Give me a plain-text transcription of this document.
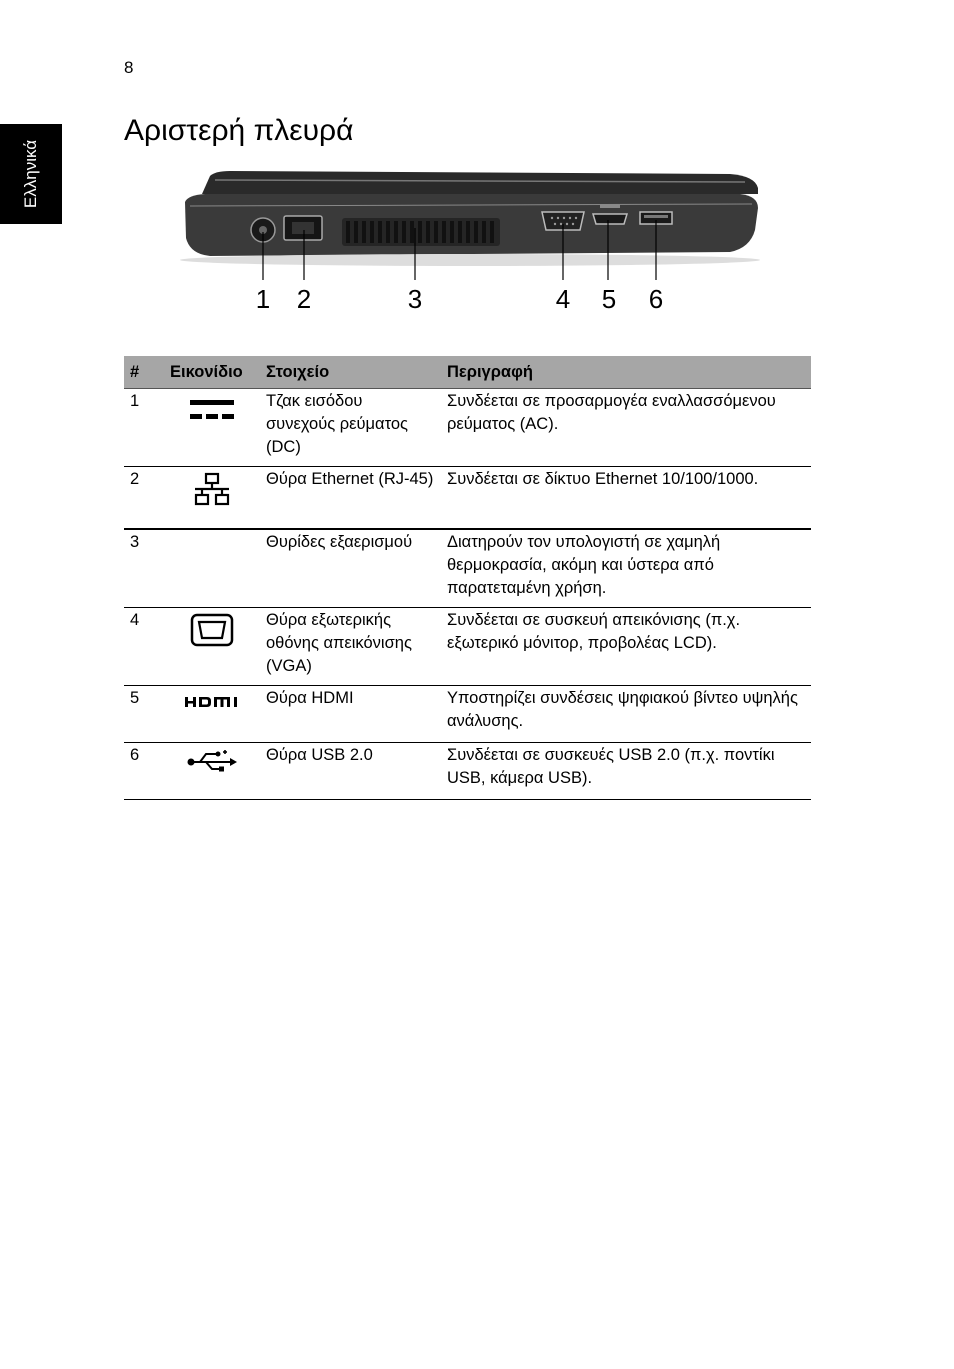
8
Ελληνικά
Αριστερή πλευρά
1 2	3	4 5 6
#	Εικονίδιο	Στοιχείο	Περιγραφή
1		Τζακ εισόδου συνεχούς ρεύματος (DC)	Συνδέεται σε προσαρμογέα εναλλασσόμενου ρεύματος (AC).
2		Θύρα Ethernet (RJ-45)	Συνδέεται σε δίκτυο Ethernet 10/100/1000.
3		Θυρίδες εξαερισμού	Διατηρούν τον υπολογιστή σε χαμηλή θερμοκρασία, ακόμη και ύστερα από παρατεταμένη χρήση.
4		Θύρα εξωτερικής οθόνης απεικόνισης (VGA)	Συνδέεται σε συσκευή απεικόνισης (π.χ. εξωτερικό μόνιτορ, προβολέας LCD).
5		Θύρα HDMI	Υποστηρίζει συνδέσεις ψηφιακού βίντεο υψηλής ανάλυσης.
6		Θύρα USB 2.0	Συνδέεται σε συσκευές USB 2.0 (π.χ. ποντίκι USB, κάμερα USB).
